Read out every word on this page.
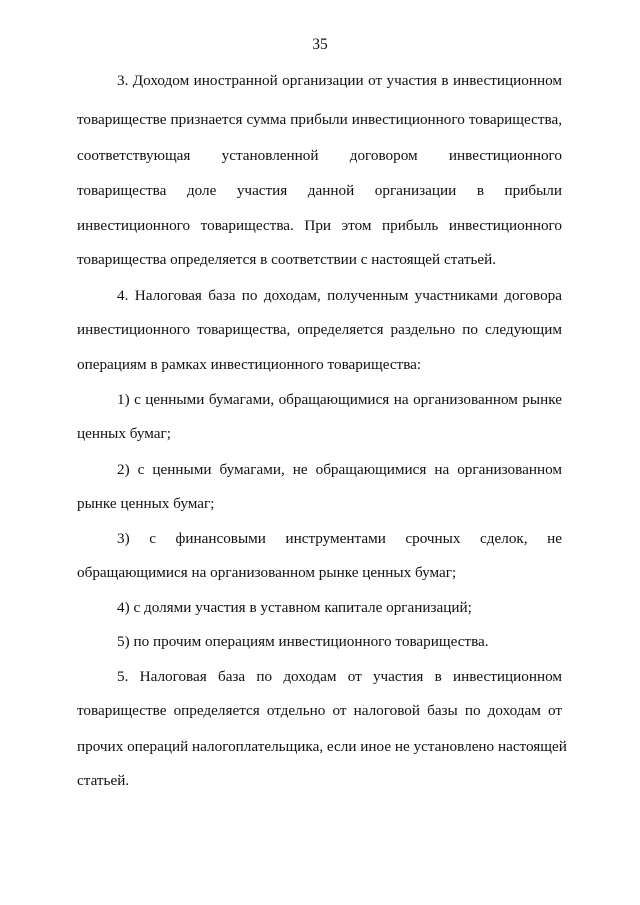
35
3. Доходом иностранной организации от участия в инвестиционном
товариществе признается сумма прибыли инвестиционного товарищества,
соответствующая установленной договором инвестиционного
товарищества доле участия данной организации в прибыли
инвестиционного товарищества. При этом прибыль инвестиционного
товарищества определяется в соответствии с настоящей статьей.
4. Налоговая база по доходам, полученным участниками договора
инвестиционного товарищества, определяется раздельно по следующим
операциям в рамках инвестиционного товарищества:
1) с ценными бумагами, обращающимися на организованном рынке
ценных бумаг;
2) с ценными бумагами, не обращающимися на организованном
рынке ценных бумаг;
3) с финансовыми инструментами срочных сделок, не
обращающимися на организованном рынке ценных бумаг;
4) с долями участия в уставном капитале организаций;
5) по прочим операциям инвестиционного товарищества.
5. Налоговая база по доходам от участия в инвестиционном
товариществе определяется отдельно от налоговой базы по доходам от
прочих операций налогоплательщика, если иное не установлено настоящей
статьей.
